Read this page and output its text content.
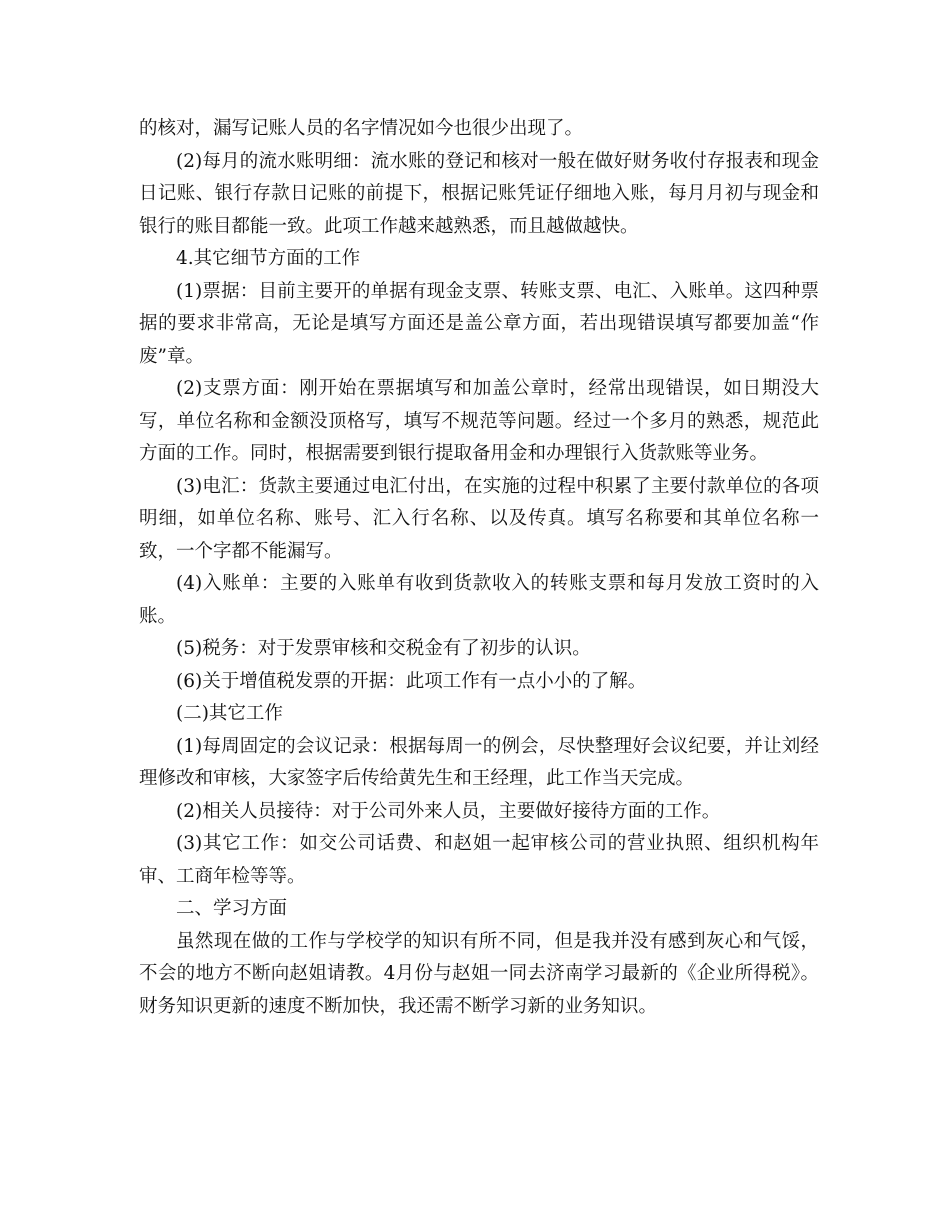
的核对，漏写记账人员的名字情况如今也很少出现了。

(2)每月的流水账明细：流水账的登记和核对一般在做好财务收付存报表和现金日记账、银行存款日记账的前提下，根据记账凭证仔细地入账，每月月初与现金和银行的账目都能一致。此项工作越来越熟悉，而且越做越快。

4.其它细节方面的工作

(1)票据：目前主要开的单据有现金支票、转账支票、电汇、入账单。这四种票据的要求非常高，无论是填写方面还是盖公章方面，若出现错误填写都要加盖“作废”章。

(2)支票方面：刚开始在票据填写和加盖公章时，经常出现错误，如日期没大写，单位名称和金额没顶格写，填写不规范等问题。经过一个多月的熟悉，规范此方面的工作。同时，根据需要到银行提取备用金和办理银行入货款账等业务。

(3)电汇：货款主要通过电汇付出，在实施的过程中积累了主要付款单位的各项明细，如单位名称、账号、汇入行名称、以及传真。填写名称要和其单位名称一致，一个字都不能漏写。

(4)入账单：主要的入账单有收到货款收入的转账支票和每月发放工资时的入账。

(5)税务：对于发票审核和交税金有了初步的认识。

(6)关于增值税发票的开据：此项工作有一点小小的了解。

(二)其它工作

(1)每周固定的会议记录：根据每周一的例会，尽快整理好会议纪要，并让刘经理修改和审核，大家签字后传给黄先生和王经理，此工作当天完成。

(2)相关人员接待：对于公司外来人员，主要做好接待方面的工作。

(3)其它工作：如交公司话费、和赵姐一起审核公司的营业执照、组织机构年审、工商年检等等。

二、学习方面

虽然现在做的工作与学校学的知识有所不同，但是我并没有感到灰心和气馁，不会的地方不断向赵姐请教。4月份与赵姐一同去济南学习最新的《企业所得税》。财务知识更新的速度不断加快，我还需不断学习新的业务知识。
